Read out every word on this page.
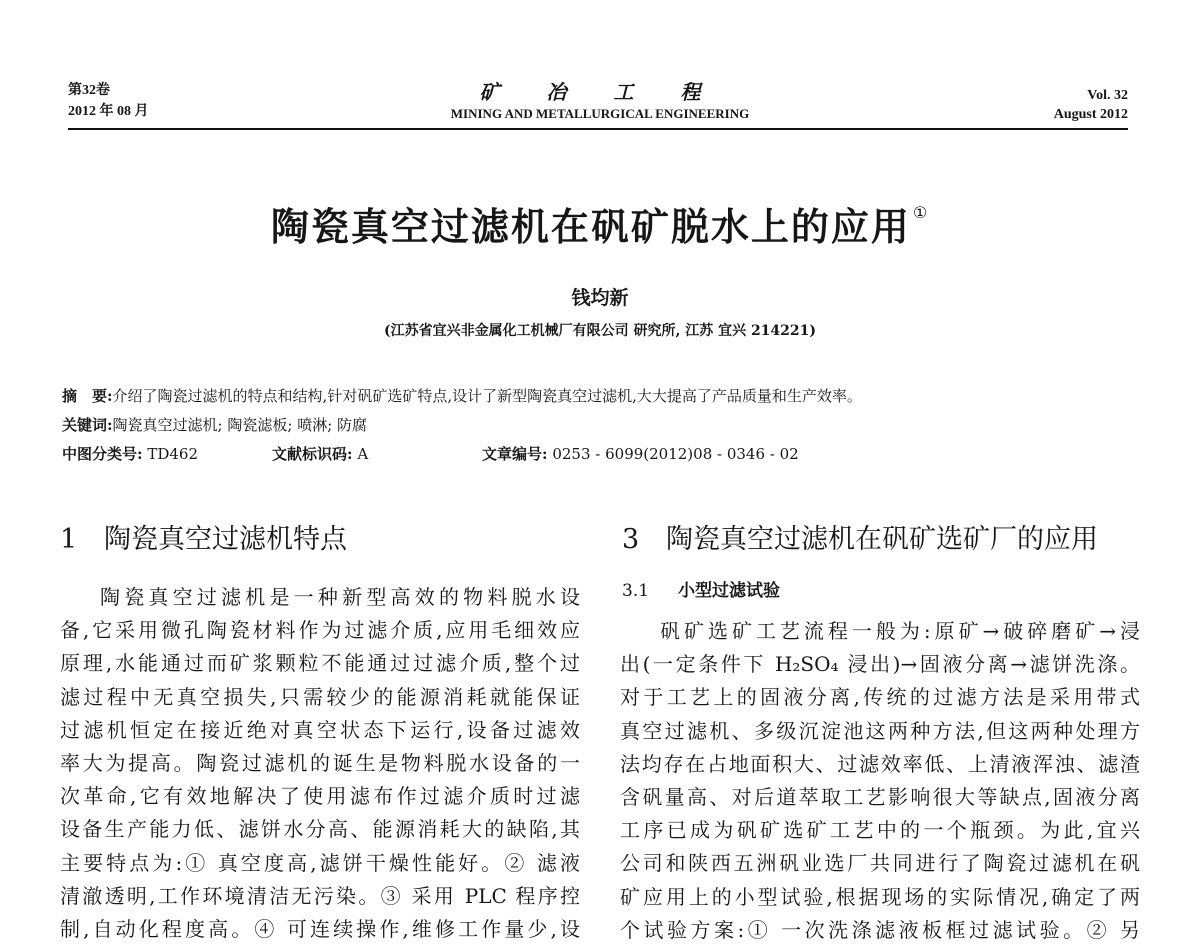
第32卷
2012 年 08 月
矿 冶 工 程
MINING AND METALLURGICAL ENGINEERING
Vol. 32
August 2012
陶瓷真空过滤机在矾矿脱水上的应用 ①
钱均新
(江苏省宜兴非金属化工机械厂有限公司 研究所, 江苏 宜兴 214221)
摘　要:介绍了陶瓷过滤机的特点和结构,针对矾矿选矿特点,设计了新型陶瓷真空过滤机,大大提高了产品质量和生产效率。
关键词:陶瓷真空过滤机; 陶瓷滤板; 喷淋; 防腐
中图分类号: TD462	文献标识码: A	文章编号: 0253 - 6099(2012)08 - 0346 - 02
1 陶瓷真空过滤机特点	3 陶瓷真空过滤机在矾矿选矿厂的应用
3.1 小型过滤试验
陶瓷真空过滤机是一种新型高效的物料脱水设
备,它采用微孔陶瓷材料作为过滤介质,应用毛细效应
原理,水能通过而矿浆颗粒不能通过过滤介质,整个过
滤过程中无真空损失,只需较少的能源消耗就能保证
过滤机恒定在接近绝对真空状态下运行,设备过滤效
率大为提高。陶瓷过滤机的诞生是物料脱水设备的一
次革命,它有效地解决了使用滤布作过滤介质时过滤
设备生产能力低、滤饼水分高、能源消耗大的缺陷,其
主要特点为:① 真空度高,滤饼干燥性能好。② 滤液
清澈透明,工作环境清洁无污染。③ 采用 PLC 程序控
制,自动化程度高。④ 可连续操作,维修工作量少,设
矾矿选矿工艺流程一般为:原矿→破碎磨矿→浸
出(一定条件下 H₂SO₄ 浸出)→固液分离→滤饼洗涤。
对于工艺上的固液分离,传统的过滤方法是采用带式
真空过滤机、多级沉淀池这两种方法,但这两种处理方
法均存在占地面积大、过滤效率低、上清液浑浊、滤渣
含矾量高、对后道萃取工艺影响很大等缺点,固液分离
工序已成为矾矿选矿工艺中的一个瓶颈。为此,宜兴
公司和陕西五洲矾业选厂共同进行了陶瓷过滤机在矾
矿应用上的小型试验,根据现场的实际情况,确定了两
个试验方案:① 一次洗涤滤液板框过滤试验。② 另
